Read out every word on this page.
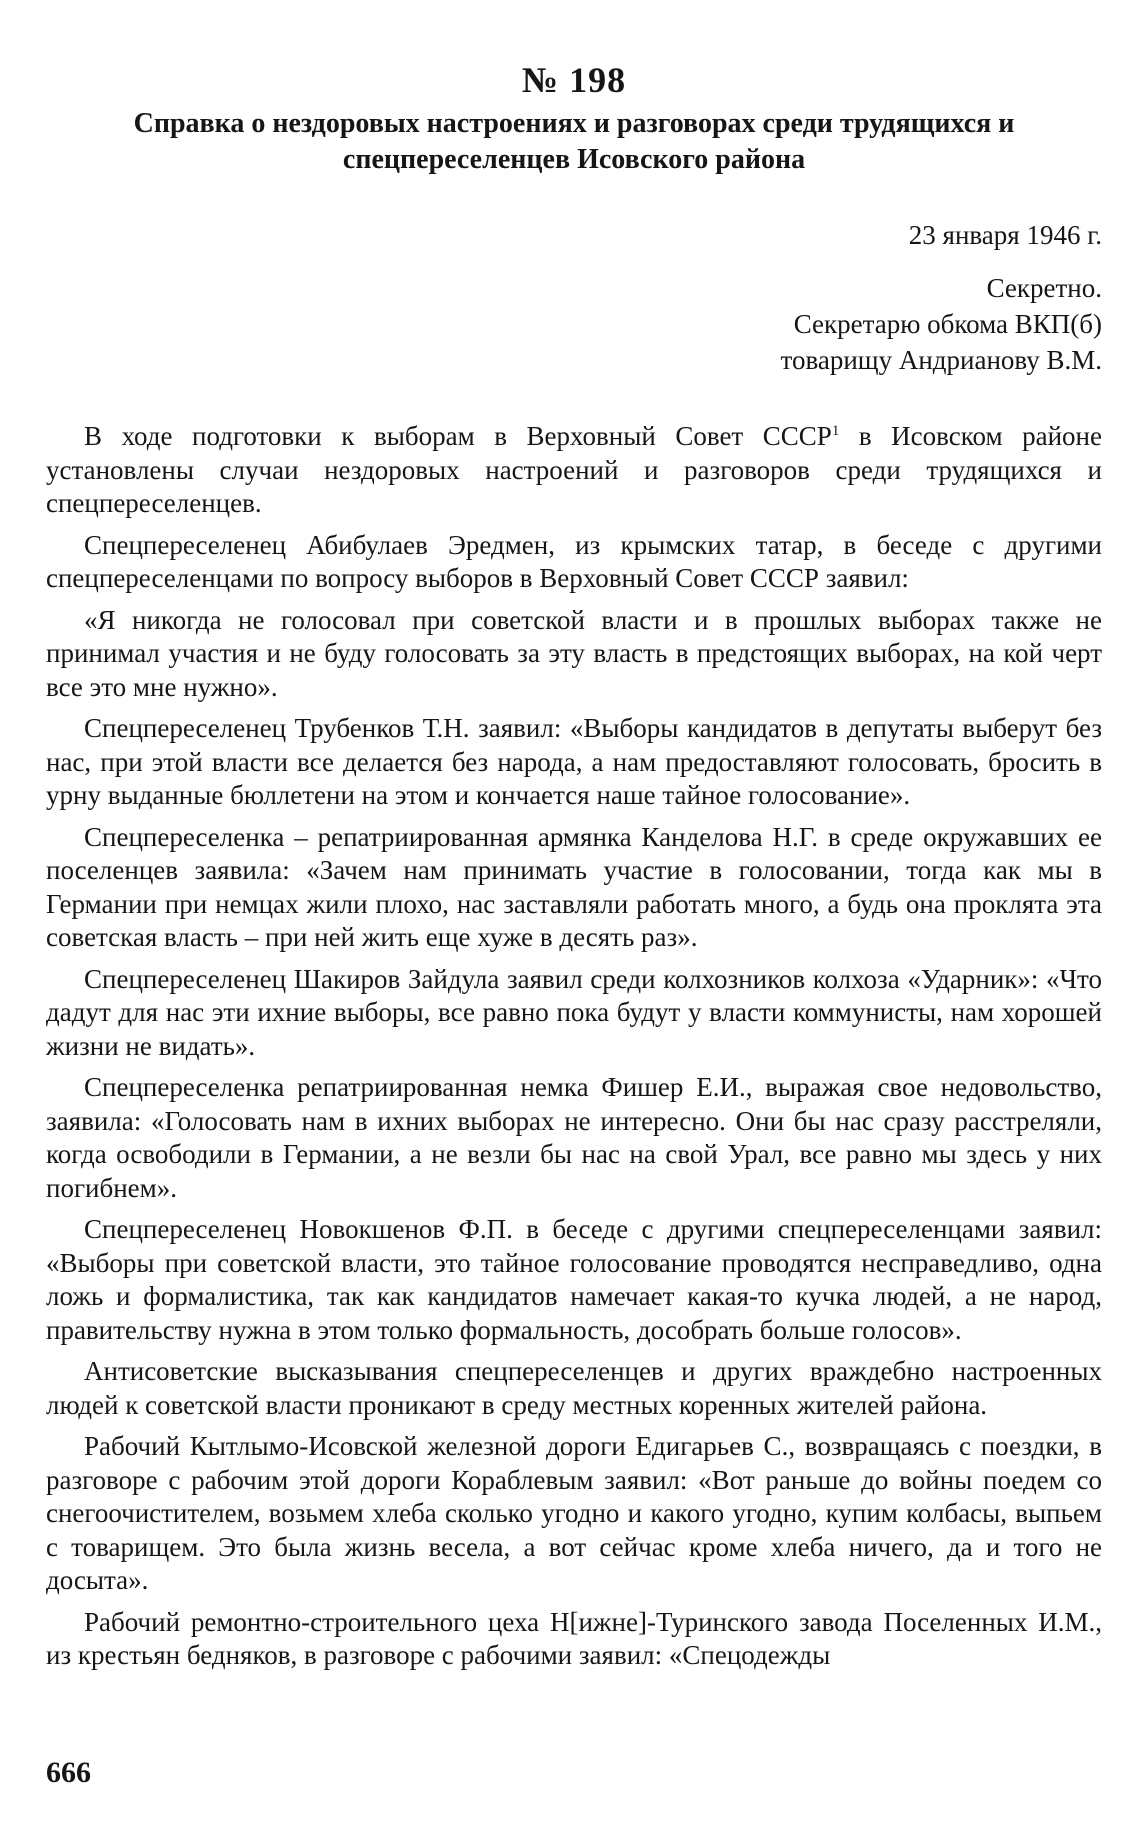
№ 198
Справка о нездоровых настроениях и разговорах среди трудящихся и спецпереселенцев Исовского района
23 января 1946 г.
Секретно.
Секретарю обкома ВКП(б)
товарищу Андрианову В.М.

В ходе подготовки к выборам в Верховный Совет СССР$^1$ в Исовском районе установлены случаи нездоровых настроений и разговоров среди трудящихся и спецпереселенцев.

Спецпереселенец Абибулаев Эредмен, из крымских татар, в беседе с другими спецпереселенцами по вопросу выборов в Верховный Совет СССР заявил:

«Я никогда не голосовал при советской власти и в прошлых выборах также не принимал участия и не буду голосовать за эту власть в предстоящих выборах, на кой черт все это мне нужно».

Спецпереселенец Трубенков Т.Н. заявил: «Выборы кандидатов в депутаты выберут без нас, при этой власти все делается без народа, а нам предоставляют голосовать, бросить в урну выданные бюллетени на этом и кончается наше тайное голосование».

Спецпереселенка – репатриированная армянка Канделова Н.Г. в среде окружавших ее поселенцев заявила: «Зачем нам принимать участие в голосовании, тогда как мы в Германии при немцах жили плохо, нас заставляли работать много, а будь она проклята эта советская власть – при ней жить еще хуже в десять раз».

Спецпереселенец Шакиров Зайдула заявил среди колхозников колхоза «Ударник»: «Что дадут для нас эти ихние выборы, все равно пока будут у власти коммунисты, нам хорошей жизни не видать».

Спецпереселенка репатриированная немка Фишер Е.И., выражая свое недовольство, заявила: «Голосовать нам в ихних выборах не интересно. Они бы нас сразу расстреляли, когда освободили в Германии, а не везли бы нас на свой Урал, все равно мы здесь у них погибнем».

Спецпереселенец Новокшенов Ф.П. в беседе с другими спецпереселенцами заявил: «Выборы при советской власти, это тайное голосование проводятся несправедливо, одна ложь и формалистика, так как кандидатов намечает какая-то кучка людей, а не народ, правительству нужна в этом только формальность, дособрать больше голосов».

Антисоветские высказывания спецпереселенцев и других враждебно настроенных людей к советской власти проникают в среду местных коренных жителей района.

Рабочий Кытлымо-Исовской железной дороги Едигарьев С., возвращаясь с поездки, в разговоре с рабочим этой дороги Кораблевым заявил: «Вот раньше до войны поедем со снегоочистителем, возьмем хлеба сколько угодно и какого угодно, купим колбасы, выпьем с товарищем. Это была жизнь весела, а вот сейчас кроме хлеба ничего, да и того не досыта».

Рабочий ремонтно-строительного цеха Н[ижне]-Туринского завода Поселенных И.М., из крестьян бедняков, в разговоре с рабочими заявил: «Спецодежды

666
